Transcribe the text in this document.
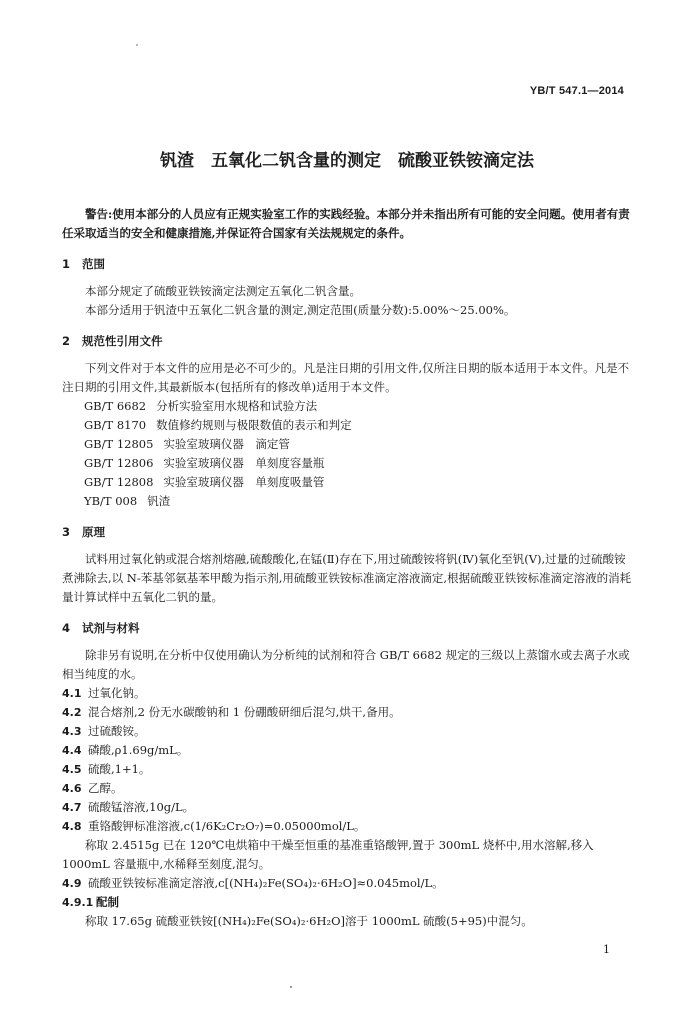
YB/T 547.1—2014
钒渣　五氧化二钒含量的测定　硫酸亚铁铵滴定法

警告:使用本部分的人员应有正规实验室工作的实践经验。本部分并未指出所有可能的安全问题。使用者有责任采取适当的安全和健康措施,并保证符合国家有关法规规定的条件。

1 范围

本部分规定了硫酸亚铁铵滴定法测定五氧化二钒含量。

本部分适用于钒渣中五氧化二钒含量的测定,测定范围(质量分数):5.00%～25.00%。

2 规范性引用文件

下列文件对于本文件的应用是必不可少的。凡是注日期的引用文件,仅所注日期的版本适用于本文件。凡是不注日期的引用文件,其最新版本(包括所有的修改单)适用于本文件。

GB/T 6682 分析实验室用水规格和试验方法
GB/T 8170 数值修约规则与极限数值的表示和判定
GB/T 12805 实验室玻璃仪器　滴定管
GB/T 12806 实验室玻璃仪器　单刻度容量瓶
GB/T 12808 实验室玻璃仪器　单刻度吸量管
YB/T 008 钒渣
3 原理

试料用过氧化钠或混合熔剂熔融,硫酸酸化,在锰(Ⅱ)存在下,用过硫酸铵将钒(Ⅳ)氧化至钒(Ⅴ),过量的过硫酸铵煮沸除去,以 N-苯基邻氨基苯甲酸为指示剂,用硫酸亚铁铵标准滴定溶液滴定,根据硫酸亚铁铵标准滴定溶液的消耗量计算试样中五氧化二钒的量。

4 试剂与材料

除非另有说明,在分析中仅使用确认为分析纯的试剂和符合 GB/T 6682 规定的三级以上蒸馏水或去离子水或相当纯度的水。

4.1 过氧化钠。
4.2 混合熔剂,2 份无水碳酸钠和 1 份硼酸研细后混匀,烘干,备用。
4.3 过硫酸铵。
4.4 磷酸,ρ1.69g/mL。
4.5 硫酸,1+1。
4.6 乙醇。
4.7 硫酸锰溶液,10g/L。
4.8 重铬酸钾标准溶液,c(1/6K₂Cr₂O₇)=0.05000mol/L。

称取 2.4515g 已在 120℃电烘箱中干燥至恒重的基准重铬酸钾,置于 300mL 烧杯中,用水溶解,移入1000mL 容量瓶中,水稀释至刻度,混匀。

4.9 硫酸亚铁铵标准滴定溶液,c[(NH₄)₂Fe(SO₄)₂·6H₂O]≈0.045mol/L。
4.9.1 配制

称取 17.65g 硫酸亚铁铵[(NH₄)₂Fe(SO₄)₂·6H₂O]溶于 1000mL 硫酸(5+95)中混匀。

1
